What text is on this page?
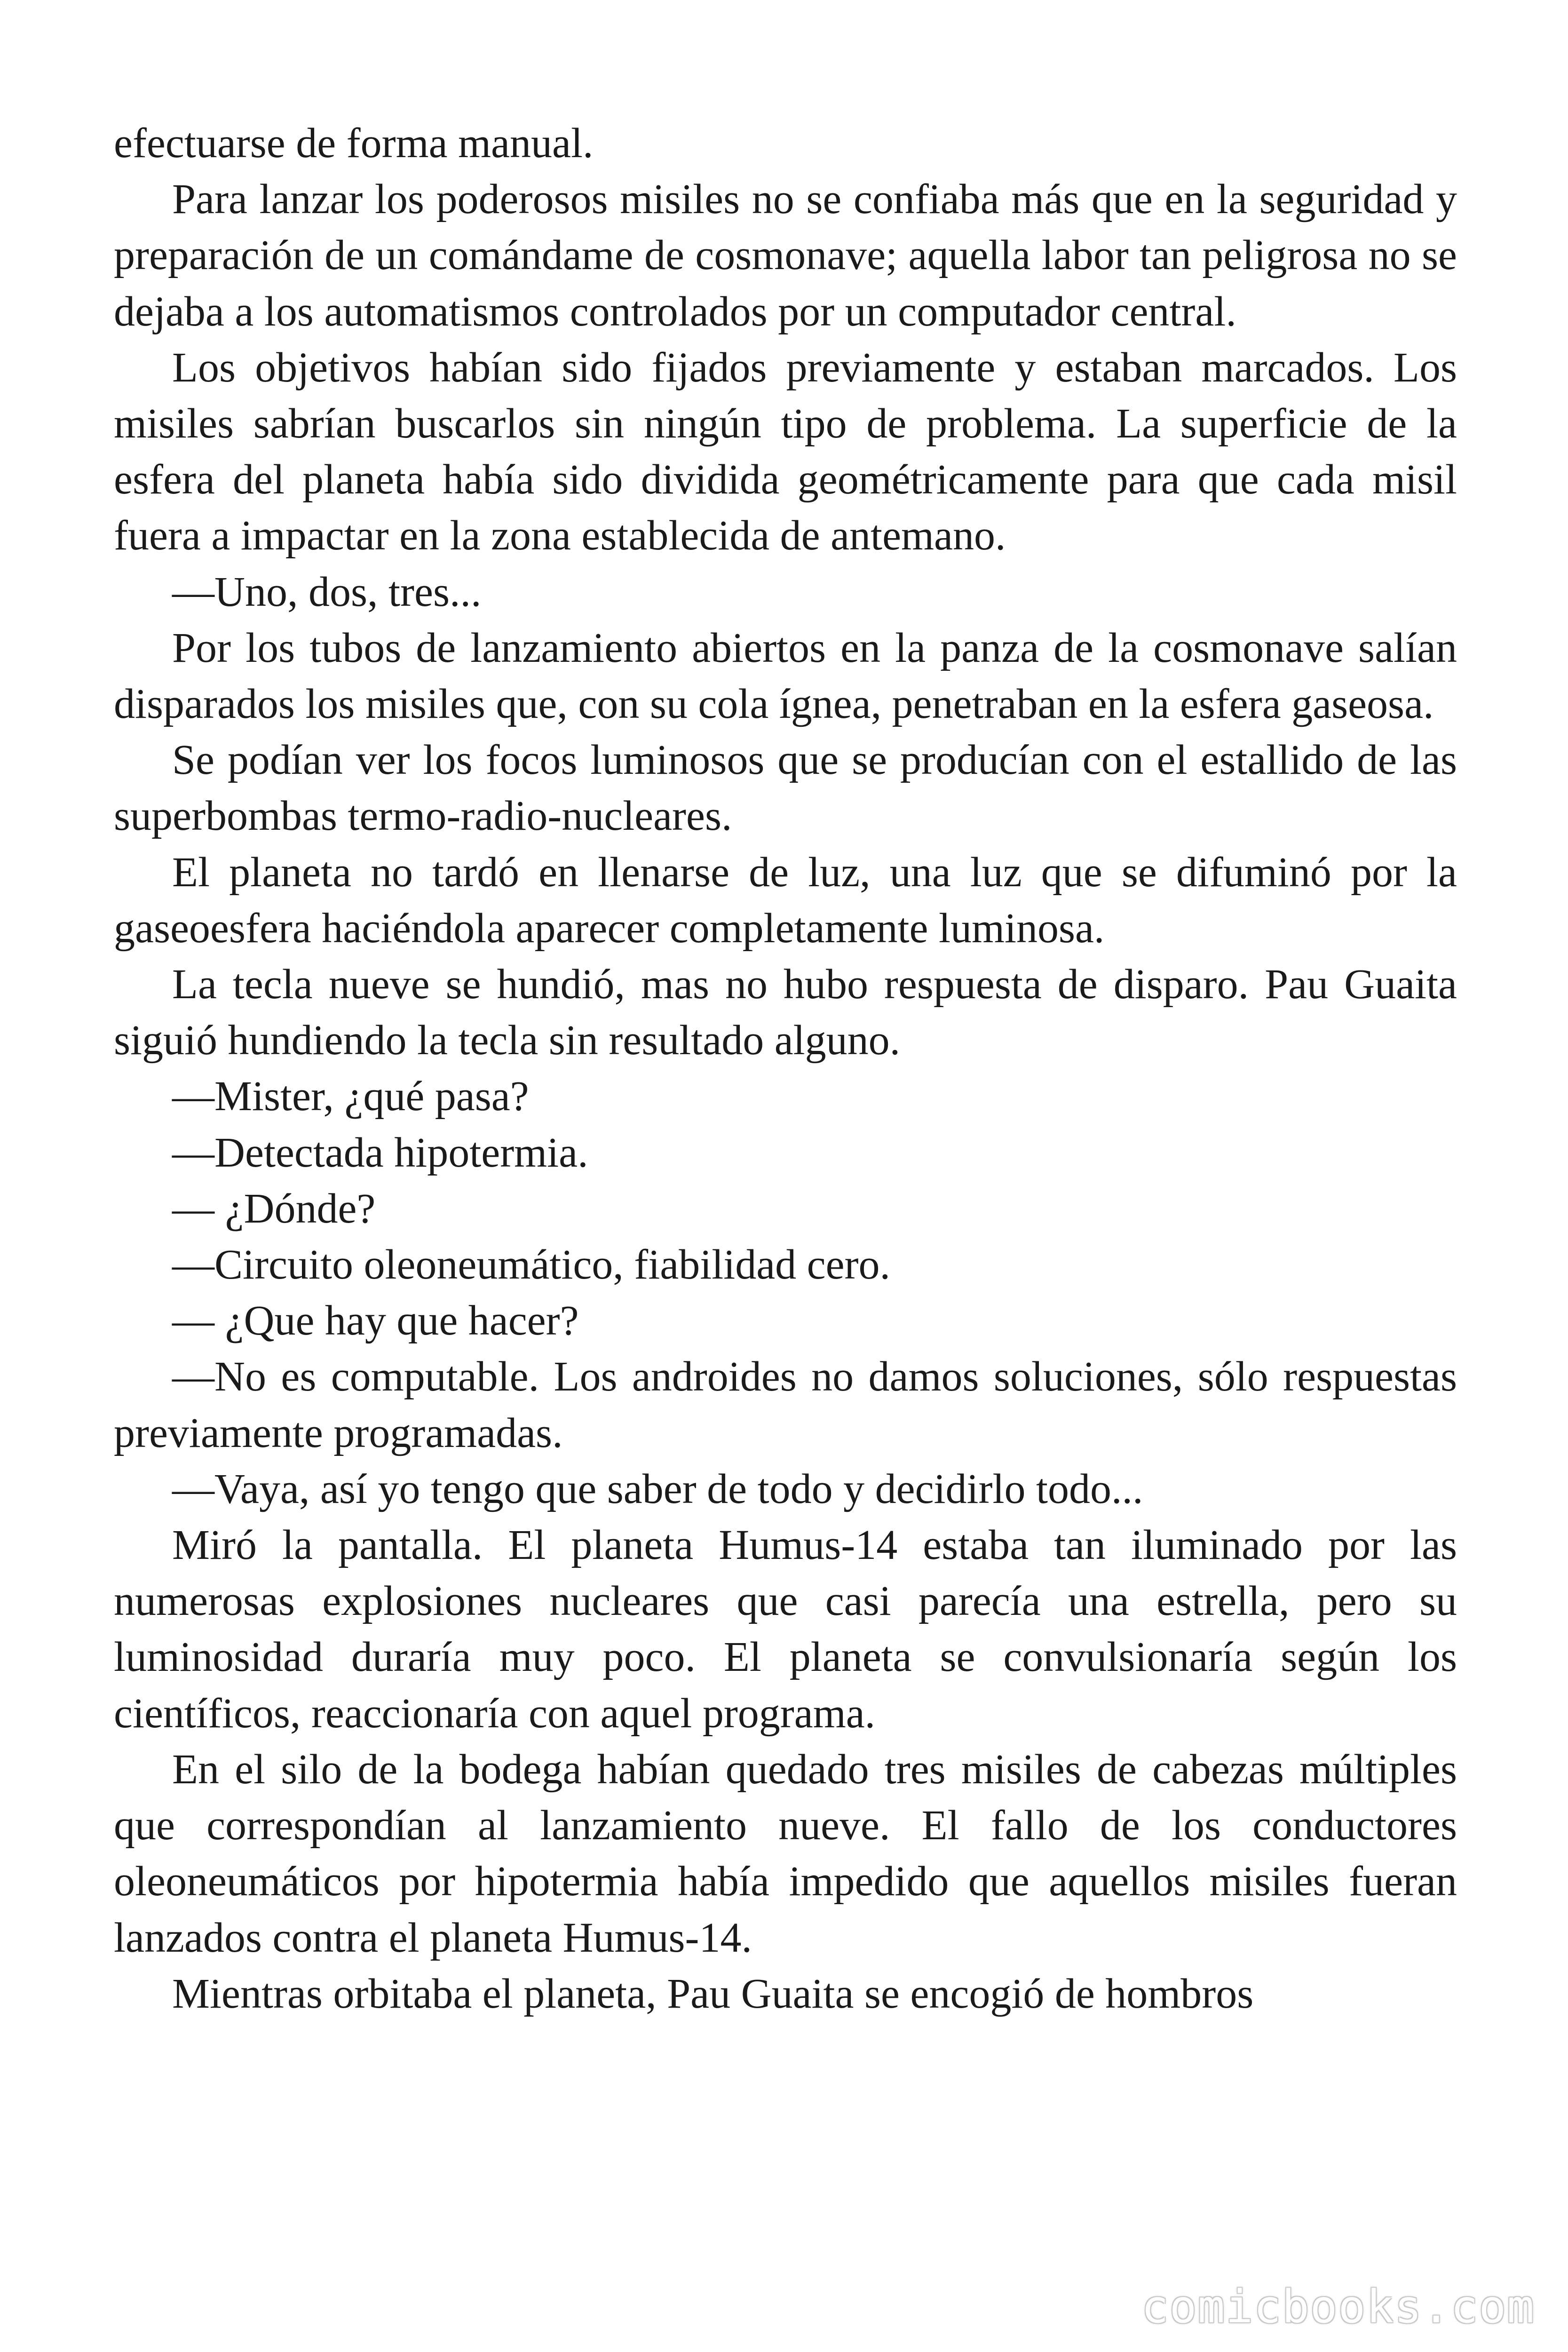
efectuarse de forma manual.

Para lanzar los poderosos misiles no se confiaba más que en la seguridad y preparación de un comándame de cosmonave; aquella labor tan peligrosa no se dejaba a los automatismos controlados por un computador central.

Los objetivos habían sido fijados previamente y estaban marcados. Los misiles sabrían buscarlos sin ningún tipo de problema. La superficie de la esfera del planeta había sido dividida geométricamente para que cada misil fuera a impactar en la zona establecida de antemano.

—Uno, dos, tres...

Por los tubos de lanzamiento abiertos en la panza de la cosmonave salían disparados los misiles que, con su cola ígnea, penetraban en la esfera gaseosa.

Se podían ver los focos luminosos que se producían con el estallido de las superbombas termo-radio-nucleares.

El planeta no tardó en llenarse de luz, una luz que se difuminó por la gaseoesfera haciéndola aparecer completamente luminosa.

La tecla nueve se hundió, mas no hubo respuesta de disparo. Pau Guaita siguió hundiendo la tecla sin resultado alguno.

—Mister, ¿qué pasa?

—Detectada hipotermia.

— ¿Dónde?

—Circuito oleoneumático, fiabilidad cero.

— ¿Que hay que hacer?

—No es computable. Los androides no damos soluciones, sólo respuestas previamente programadas.

—Vaya, así yo tengo que saber de todo y decidirlo todo...

Miró la pantalla. El planeta Humus-14 estaba tan iluminado por las numerosas explosiones nucleares que casi parecía una estrella, pero su luminosidad duraría muy poco. El planeta se convulsionaría según los científicos, reaccionaría con aquel programa.

En el silo de la bodega habían quedado tres misiles de cabezas múltiples que correspondían al lanzamiento nueve. El fallo de los conductores oleoneumáticos por hipotermia había impedido que aquellos misiles fueran lanzados contra el planeta Humus-14.

Mientras orbitaba el planeta, Pau Guaita se encogió de hombros

comicbooks.com
